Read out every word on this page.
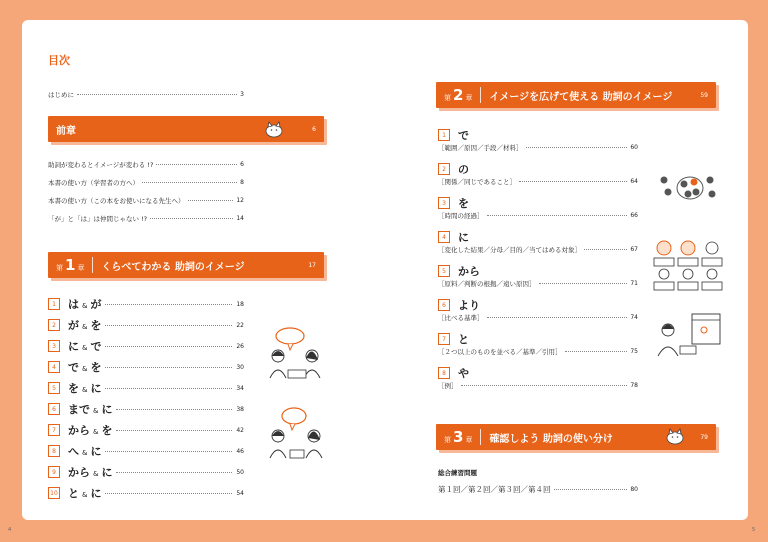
目次
はじめに	3
前章	6
助詞が変わるとイメージが変わる !?	6
本書の使い方（学習者の方へ）	8
本書の使い方（この本をお使いになる先生へ）	12
「が」と「は」は仲間じゃない !?	14
第 1 章 くらべてわかる 助詞のイメージ	17
1	は & が	18
2	が & を	22
3	に & で	26
4	で & を	30
5	を & に	34
6	まで & に	38
7	から & を	42
8	へ & に	46
9	から & に	50
10 と & に	54
4
第 2 章 イメージを広げて使える 助詞のイメージ	59
1	で
［範囲／原因／手段／材料］	60
2	の
［関係／同じであること］	64
3	を
［時間の経過］	66
4	に
［変化した結果／分母／目的／当てはめる対象］	67
5	から
［原料／判断の根拠／遠い原因］	71
6	より
［比べる基準］	74
7	と
［２つ以上のものを並べる／基準／引用］	75
8	や
［例］	78
第 3 章 確認しよう 助詞の使い分け	79
総合練習問題
第１回／第２回／第３回／第４回	80
5
